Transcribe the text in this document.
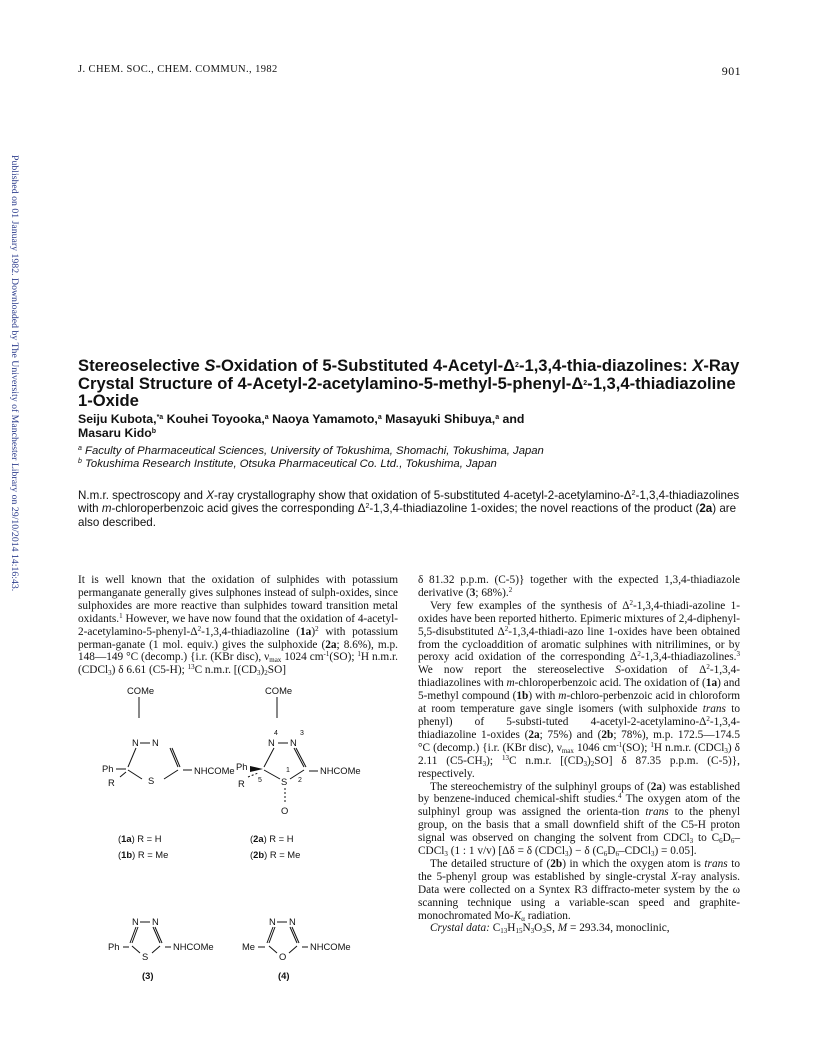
J. CHEM. SOC., CHEM. COMMUN., 1982	901
Published on 01 January 1982. Downloaded by The University of Manchester Library on 29/10/2014 14:16:43.	Stereoselective S-Oxidation of 5-Substituted $4-Acetyl-\Delta^2-1,3,4-thia$-diazolines: X-Ray Crystal Structure of $4-Acetyl-2-acetylamino-5-methyl-5-phenyl-\Delta^2-1,3,4$-thiadiazoline 1-Oxide
Seiju Kubota,$^{*a}$ Kouhei Toyooka,$^a$ Naoya Yamamoto,$^a$ Masayuki Shibuya,$^a$ and
Masaru Kido$^b$
$^a$ Faculty of Pharmaceutical Sciences, University of Tokushima, Shomachi, Tokushima, Japan
$^b$ Tokushima Research Institute, Otsuka Pharmaceutical Co. Ltd., Tokushima, Japan
N.m.r. spectroscopy and X-ray crystallography show that oxidation of 5-substituted $4-acetyl-2-acetylamino-\Delta^2-1,3,4$-thiadiazolines with m-chloroperbenzoic acid gives the corresponding $\Delta^2-1,3,4$-thiadiazoline 1-oxides; the novel reactions of the product (2a) are also described.

It is well known that the oxidation of sulphides with potassium permanganate generally gives sulphones instead of sulph-oxides, since sulphoxides are more reactive than sulphides toward transition metal oxidants.$^1$ However, we have now found that the oxidation of $4-acetyl-2-acetylamino-5-phenyl-\Delta^2-1,3,4$-thiadiazoline $(1a)^2$ with potassium perman-ganate (1 mol. equiv.) gives the sulphoxide (2a; 8.6%), m.p. 148—149 °C (decomp.) {i.r. (KBr disc), $\nu_{max}$ 1024 $cm^{-1}(SO)$; $^1$H n.m.r. (CDCl$_3$) δ 6.61 (C5-H); $^{13}$C n.m.r. $[(CD_3)_2SO]$

COMe
N N
Ph
R	S
NHCOMe
COMe
N
4
N
3
Ph
R 5
1
2
S
NHCOMe
O
(1a) R = H
(1b) R = Me
(2a) R = H
(2b) R = Me
N N
Ph
S
NHCOMe
N N
Me
O
NHCOMe
(3)	(4)

δ 81.32 p.p.m. (C-5)} together with the expected 1,3,4-thiadiazole derivative (3; 68%).$^2$

Very few examples of the synthesis of $\Delta^2-1,3,4-thiadi$-azoline 1-oxides have been reported hitherto. Epimeric mixtures of 2,4-diphenyl-5,5-disubstituted $\Delta^2-1,3,4-thiadi$-azo line 1-oxides have been obtained from the cycloaddition of aromatic sulphines with nitrilimines, or by peroxy acid oxidation of the corresponding $\Delta^2-1,3,4-thiadiazolines.^3$ We now report the stereoselective S-oxidation of $\Delta^2-1,3,4$-thiadiazolines with m-chloroperbenzoic acid. The oxidation of (1a) and 5-methyl compound (1b) with m-chloro-perbenzoic acid in chloroform at room temperature gave single isomers (with sulphoxide trans to phenyl) of 5-substi-tuted $4-acetyl-2-acetylamino-\Delta^2-1,3,4$-thiadiazoline 1-oxides (2a; 75%) and (2b; 78%), m.p. 172.5—174.5 °C (decomp.) {i.r. (KBr disc), $\nu_{max}$ 1046 $cm^{-1}(SO)$; $^1$H n.m.r. (CDCl$_3$) δ 2.11 $(C5-CH_3)$; $^{13}$C n.m.r. $[(CD_3)_2SO]$ δ 87.35 p.p.m. (C-5)}, respectively.

The stereochemistry of the sulphinyl groups of (2a) was established by benzene-induced chemical-shift studies.$^4$ The oxygen atom of the sulphinyl group was assigned the orienta-tion trans to the phenyl group, on the basis that a small downfield shift of the C5-H proton signal was observed on changing the solvent from CDCl$_3$ to $C_6D_6-CDCl_3$ (1 : 1 v/v) [Δδ = δ (CDCl$_3$) − δ $(C_6D_6-CDCl_3) = 0.05$].

The detailed structure of (2b) in which the oxygen atom is trans to the 5-phenyl group was established by single-crystal X-ray analysis. Data were collected on a Syntex R3 diffracto-meter system by the ω scanning technique using a variable-scan speed and graphite-monochromated $Mo-K_\alpha$ radiation.

Crystal data: $C_{13}H_{15}N_3O_3S$, M = 293.34, monoclinic,
